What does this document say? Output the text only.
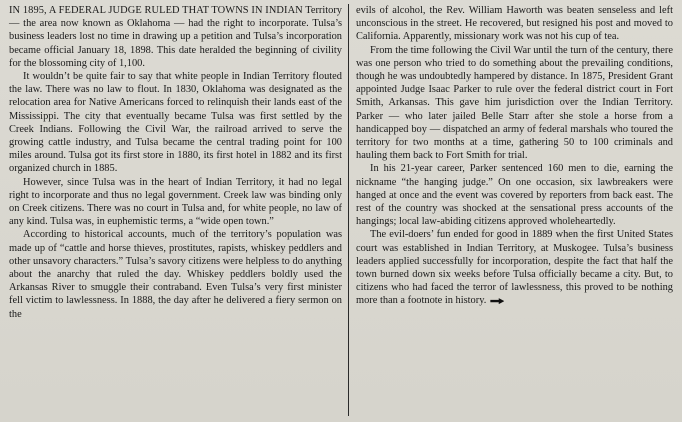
IN 1895, A FEDERAL JUDGE RULED THAT TOWNS IN INDIAN Territory — the area now known as Oklahoma — had the right to incorporate. Tulsa’s business leaders lost no time in drawing up a petition and Tulsa’s incorporation became official January 18, 1898. This date heralded the beginning of civility for the blossoming city of 1,100.

It wouldn’t be quite fair to say that white people in Indian Territory flouted the law. There was no law to flout. In 1830, Oklahoma was designated as the relocation area for Native Americans forced to relinquish their lands east of the Mississippi. The city that eventually became Tulsa was first settled by the Creek Indians. Following the Civil War, the railroad arrived to serve the growing cattle industry, and Tulsa became the central trading point for 100 miles around. Tulsa got its first store in 1880, its first hotel in 1882 and its first organized church in 1885.

However, since Tulsa was in the heart of Indian Territory, it had no legal right to incorporate and thus no legal government. Creek law was binding only on Creek citizens. There was no court in Tulsa and, for white people, no law of any kind. Tulsa was, in euphemistic terms, a “wide open town.”

According to historical accounts, much of the territory’s population was made up of “cattle and horse thieves, prostitutes, rapists, whiskey peddlers and other unsavory characters.” Tulsa’s savory citizens were helpless to do anything about the anarchy that ruled the day. Whiskey peddlers boldly used the Arkansas River to smuggle their contraband. Even Tulsa’s very first minister fell victim to lawlessness. In 1888, the day after he delivered a fiery sermon on the

evils of alcohol, the Rev. William Haworth was beaten senseless and left unconscious in the street. He recovered, but resigned his post and moved to California. Apparently, missionary work was not his cup of tea.

From the time following the Civil War until the turn of the century, there was one person who tried to do something about the prevailing conditions, though he was undoubtedly hampered by distance. In 1875, President Grant appointed Judge Isaac Parker to rule over the federal district court in Fort Smith, Arkansas. This gave him jurisdiction over the Indian Territory. Parker — who later jailed Belle Starr after she stole a horse from a handicapped boy — dispatched an army of federal marshals who toured the territory for two months at a time, gathering 50 to 100 criminals and hauling them back to Fort Smith for trial.

In his 21-year career, Parker sentenced 160 men to die, earning the nickname “the hanging judge.” On one occasion, six lawbreakers were hanged at once and the event was covered by reporters from back east. The rest of the country was shocked at the sensational press accounts of the hangings; local law-abiding citizens approved wholeheartedly.

The evil-doers’ fun ended for good in 1889 when the first United States court was established in Indian Territory, at Muskogee. Tulsa’s business leaders applied successfully for incorporation, despite the fact that half the town burned down six weeks before Tulsa officially became a city. But, to citizens who had faced the terror of lawlessness, this proved to be nothing more than a footnote in history.
